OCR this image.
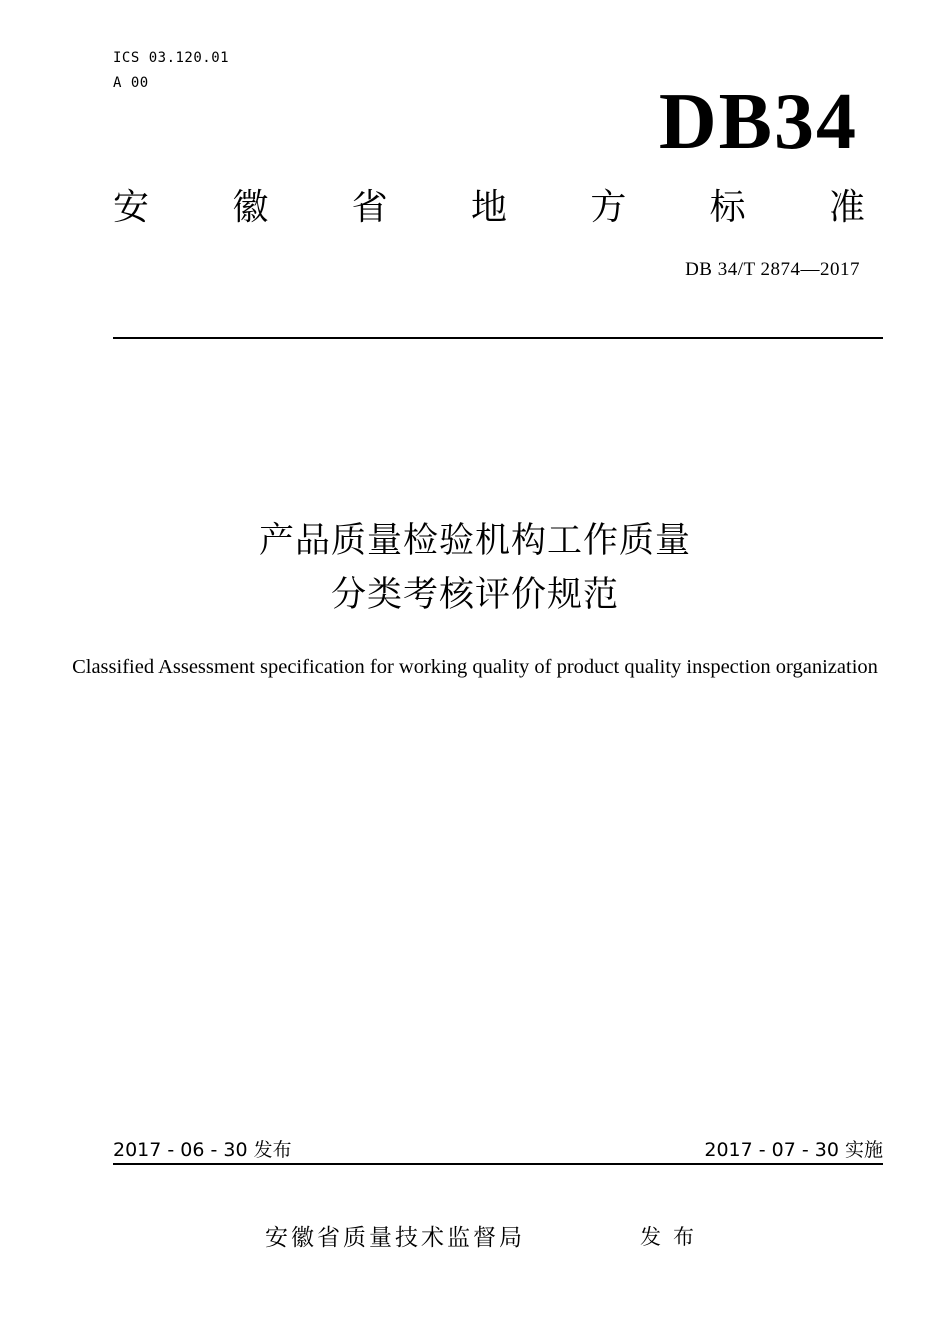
ICS 03.120.01
A 00	DB34
安 徽 省 地 方 标 准
DB 34/T 2874—2017
产品质量检验机构工作质量
分类考核评价规范
Classified Assessment specification for working quality of product quality inspection organization
2017 - 06 - 30 发布	2017 - 07 - 30 实施
安徽省质量技术监督局	发布
